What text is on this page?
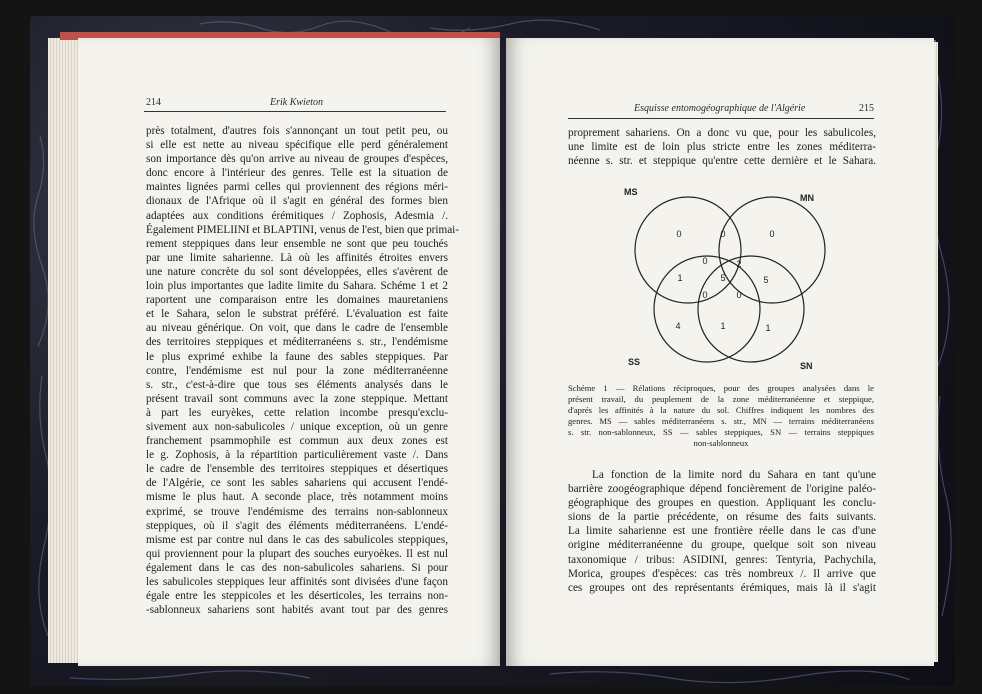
214	Erik Kwieton
près totalment, d'autres fois s'annonçant un tout petit peu, ou
si elle est nette au niveau spécifique elle perd généralement
son importance dès qu'on arrive au niveau de groupes d'espèces,
donc encore à l'intérieur des genres. Telle est la situation de
maintes lignées parmi celles qui proviennent des régions méri-
dionaux de l'Afrique où il s'agit en général des formes bien
adaptées aux conditions érémitiques / Zophosis, Adesmia /.
Également PIMELIINI et BLAPTINI, venus de l'est, bien que primai-
rement steppiques dans leur ensemble ne sont que peu touchés
par une limite saharienne. Là où les affinités étroites envers
une nature concrète du sol sont développées, elles s'avèrent de
loin plus importantes que ladite limite du Sahara. Schéme 1 et 2
raportent une comparaison entre les domaines mauretaniens
et le Sahara, selon le substrat préféré. L'évaluation est faite
au niveau générique. On voit, que dans le cadre de l'ensemble
des territoires steppiques et méditerranéens s. str., l'endémisme
le plus exprimé exhibe la faune des sables steppiques. Par
contre, l'endémisme est nul pour la zone méditerranéenne
s. str., c'est-à-dire que tous ses éléments analysés dans le
présent travail sont communs avec la zone steppique. Mettant
à part les euryèkes, cette relation incombe presqu'exclu-
sivement aux non-sabulicoles / unique exception, où un genre
franchement psammophile est commun aux deux zones est
le g. Zophosis, à la répartition particulièrement vaste /. Dans
le cadre de l'ensemble des territoires steppiques et désertiques
de l'Algérie, ce sont les sables sahariens qui accusent l'endé-
misme le plus haut. A seconde place, très notamment moins
exprimé, se trouve l'endémisme des terrains non-sablonneux
steppiques, où il s'agit des éléments méditerranéens. L'endé-
misme est par contre nul dans le cas des sabulicoles steppiques,
qui proviennent pour la plupart des souches euryoèkes. Il est nul
également dans le cas des non-sabulicoles sahariens. Si pour
les sabulicoles steppiques leur affinités sont divisées d'une façon
égale entre les steppicoles et les déserticoles, les terrains non-
-sablonneux sahariens sont habités avant tout par des genres
Esquisse entomogéographique de l'Algérie	215
proprement sahariens. On a donc vu que, pour les sabulicoles,
une limite est de loin plus stricte entre les zones méditerra-
néenne s. str. et steppique qu'entre cette dernière et le Sahara.
MS
MN
SS	SN
0	0	0
0	2
1	5	5
0	0
4	1	1
Schéme 1 — Rélations réciproques, pour des groupes analysées dans le
présent travail, du peuplement de la zone méditerranéenne et steppique,
d'aprés les affinités à la nature du sol. Chiffres indiquent les nombres des
genres. MS — sables méditerranéens s. str., MN — terrains méditerranéens
s. str. non-sablonneux, SS — sables steppiques, SN — terrains steppiques
non-sablonneux
La fonction de la limite nord du Sahara en tant qu'une
barrière zoogéographique dépend foncièrement de l'origine paléo-
géographique des groupes en question. Appliquant les conclu-
sions de la partie précédente, on résume des faits suivants.
La limite saharienne est une frontière réelle dans le cas d'une
origine méditerranéenne du groupe, quelque soit son niveau
taxonomique / tribus: ASIDINI, genres: Tentyria, Pachychila,
Morica, groupes d'espèces: cas très nombreux /. Il arrive que
ces groupes ont des représentants érémiques, mais là il s'agit
